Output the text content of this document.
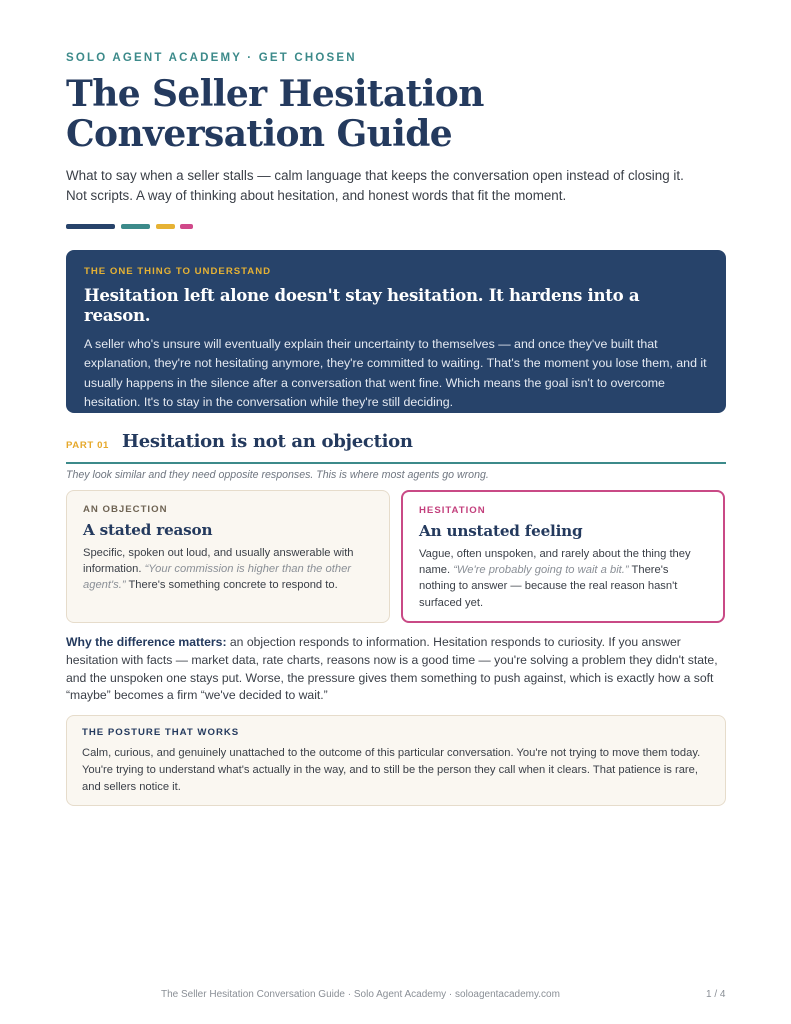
SOLO AGENT ACADEMY · GET CHOSEN
The Seller Hesitation Conversation Guide
What to say when a seller stalls — calm language that keeps the conversation open instead of closing it. Not scripts. A way of thinking about hesitation, and honest words that fit the moment.
THE ONE THING TO UNDERSTAND
Hesitation left alone doesn't stay hesitation. It hardens into a reason.
A seller who's unsure will eventually explain their uncertainty to themselves — and once they've built that explanation, they're not hesitating anymore, they're committed to waiting. That's the moment you lose them, and it usually happens in the silence after a conversation that went fine. Which means the goal isn't to overcome hesitation. It's to stay in the conversation while they're still deciding.
PART 01 Hesitation is not an objection
They look similar and they need opposite responses. This is where most agents go wrong.
AN OBJECTION
A stated reason
Specific, spoken out loud, and usually answerable with information. “Your commission is higher than the other agent's.” There's something concrete to respond to.
HESITATION
An unstated feeling
Vague, often unspoken, and rarely about the thing they name. “We're probably going to wait a bit.” There's nothing to answer — because the real reason hasn't surfaced yet.
Why the difference matters: an objection responds to information. Hesitation responds to curiosity. If you answer hesitation with facts — market data, rate charts, reasons now is a good time — you're solving a problem they didn't state, and the unspoken one stays put. Worse, the pressure gives them something to push against, which is exactly how a soft “maybe” becomes a firm “we've decided to wait.”
THE POSTURE THAT WORKS
Calm, curious, and genuinely unattached to the outcome of this particular conversation. You're not trying to move them today. You're trying to understand what's actually in the way, and to still be the person they call when it clears. That patience is rare, and sellers notice it.
The Seller Hesitation Conversation Guide · Solo Agent Academy · soloagentacademy.com	1 / 4
